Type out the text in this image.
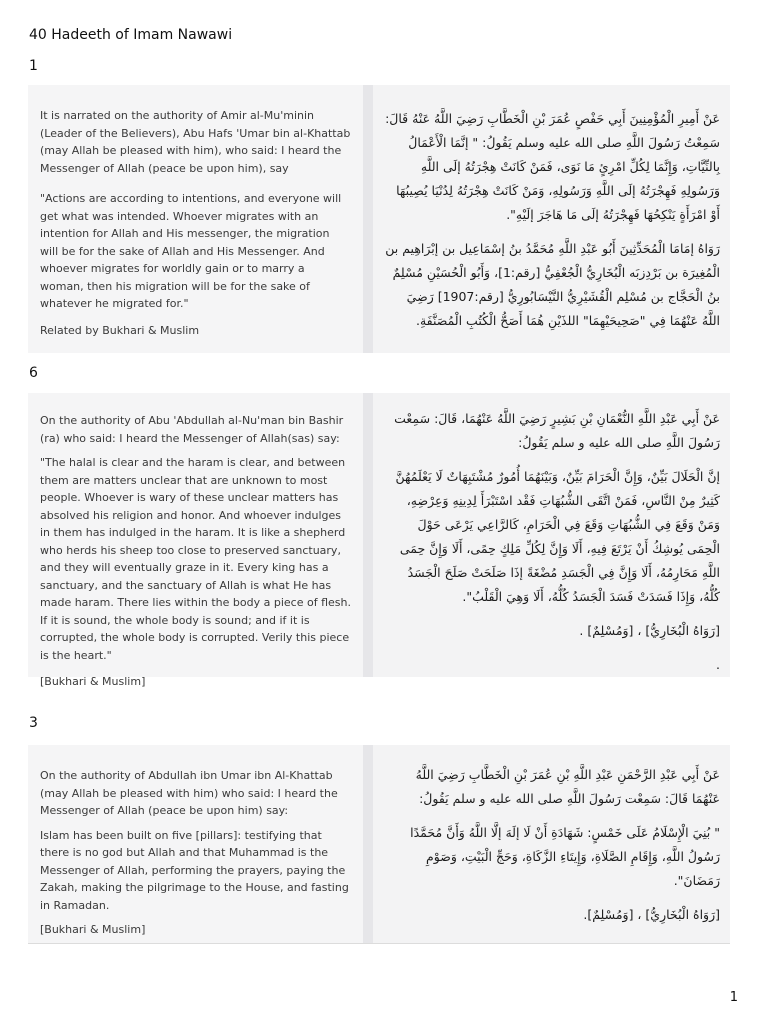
40 Hadeeth of Imam Nawawi
1

It is narrated on the authority of Amir al-Mu'minin (Leader of the Believers), Abu Hafs 'Umar bin al-Khattab (may Allah be pleased with him), who said: I heard the Messenger of Allah (peace be upon him), say

"Actions are according to intentions, and everyone will get what was intended. Whoever migrates with an intention for Allah and His messenger, the migration will be for the sake of Allah and His Messenger. And whoever migrates for worldly gain or to marry a woman, then his migration will be for the sake of whatever he migrated for."

Related by Bukhari & Muslim

عَنْ أَمِيرِ الْمُؤْمِنِينَ أَبِي حَفْصٍ عُمَرَ بْنِ الْخَطَّابِ رَضِيَ اللَّهُ عَنْهُ قَالَ: سَمِعْتُ رَسُولَ اللَّهِ صلى الله عليه وسلم يَقُولُ: " إنَّمَا الْأَعْمَالُ بِالنِّيَّاتِ، وَإِنَّمَا لِكُلِّ امْرِئٍ مَا نَوَى، فَمَنْ كَانَتْ هِجْرَتُهُ إلَى اللَّهِ وَرَسُولِهِ فَهِجْرَتُهُ إلَى اللَّهِ وَرَسُولِهِ، وَمَنْ كَانَتْ هِجْرَتُهُ لِدُنْيَا يُصِيبُهَا أَوْ امْرَأَةٍ يَنْكِحُهَا فَهِجْرَتُهُ إلَى مَا هَاجَرَ إلَيْهِ".

رَوَاهُ إمَامَا الْمُحَدِّثِينَ أَبُو عَبْدِ اللَّهِ مُحَمَّدُ بنُ إسْمَاعِيل بن إبْرَاهِيم بن الْمُغِيرَة بن بَرْدِزبَه الْبُخَارِيُّ الْجُعْفِيُّ [رقم:1]، وَأَبُو الْحُسَيْنِ مُسْلِمٌ بنُ الْحَجَّاج بن مُسْلِم الْقُشَيْرِيُّ النَّيْسَابُورِيُّ [رقم:1907] رَضِيَ اللَّهُ عَنْهُمَا فِي "صَحِيحَيْهِمَا" اللذَيْنِ هُمَا أَصَحُّ الْكُتُبِ الْمُصَنَّفَةِ.

6

On the authority of Abu 'Abdullah al-Nu'man bin Bashir (ra) who said: I heard the Messenger of Allah(sas) say:

"The halal is clear and the haram is clear, and between them are matters unclear that are unknown to most people. Whoever is wary of these unclear matters has absolved his religion and honor. And whoever indulges in them has indulged in the haram. It is like a shepherd who herds his sheep too close to preserved sanctuary, and they will eventually graze in it. Every king has a sanctuary, and the sanctuary of Allah is what He has made haram. There lies within the body a piece of flesh. If it is sound, the whole body is sound; and if it is corrupted, the whole body is corrupted. Verily this piece is the heart."

[Bukhari & Muslim]

عَنْ أَبِي عَبْدِ اللَّهِ النُّعْمَانِ بْنِ بَشِيرٍ رَضِيَ اللَّهُ عَنْهُمَا، قَالَ: سَمِعْت رَسُولَ اللَّهِ صلى الله عليه و سلم يَقُولُ:

إنَّ الْحَلَالَ بَيِّنٌ، وَإِنَّ الْحَرَامَ بَيِّنٌ، وَبَيْنَهُمَا أُمُورٌ مُشْتَبِهَاتٌ لَا يَعْلَمُهُنَّ كَثِيرٌ مِنْ النَّاسِ، فَمَنْ اتَّقَى الشُّبُهَاتِ فَقْد اسْتَبْرَأَ لِدِينِهِ وَعِرْضِهِ، وَمَنْ وَقَعَ فِي الشُّبُهَاتِ وَقَعَ فِي الْحَرَامِ، كَالرَّاعِي يَرْعَى حَوْلَ الْحِمَى يُوشِكُ أَنْ يَرْتَعَ فِيهِ، أَلَا وَإِنَّ لِكُلِّ مَلِكٍ حِمًى، أَلَا وَإِنَّ حِمَى اللَّهِ مَحَارِمُهُ، أَلَا وَإِنَّ فِي الْجَسَدِ مُضْغَةً إذَا صَلَحَتْ صَلَحَ الْجَسَدُ كُلُّهُ، وَإِذَا فَسَدَتْ فَسَدَ الْجَسَدُ كُلُّهُ، أَلَا وَهِيَ الْقَلْبُ".

[رَوَاهُ الْبُخَارِيُّ] ، [وَمُسْلِمٌ] .

.

3

On the authority of Abdullah ibn Umar ibn Al-Khattab (may Allah be pleased with him) who said: I heard the Messenger of Allah (peace be upon him) say:

Islam has been built on five [pillars]: testifying that there is no god but Allah and that Muhammad is the Messenger of Allah, performing the prayers, paying the Zakah, making the pilgrimage to the House, and fasting in Ramadan.

[Bukhari & Muslim]

عَنْ أَبِي عَبْدِ الرَّحْمَنِ عَبْدِ اللَّهِ بْنِ عُمَرَ بْنِ الْخَطَّابِ رَضِيَ اللَّهُ عَنْهُمَا قَالَ: سَمِعْت رَسُولَ اللَّهِ صلى الله عليه و سلم يَقُولُ:

" بُنِيَ الْإِسْلَامُ عَلَى خَمْسٍ: شَهَادَةِ أَنْ لَا إلَهَ إلَّا اللَّهُ وَأَنَّ مُحَمَّدًا رَسُولُ اللَّهِ، وَإِقَامِ الصَّلَاةِ، وَإِيتَاءِ الزَّكَاةِ، وَحَجِّ الْبَيْتِ، وَصَوْمِ رَمَضَانَ".

[رَوَاهُ الْبُخَارِيُّ] ، [وَمُسْلِمٌ].

1
